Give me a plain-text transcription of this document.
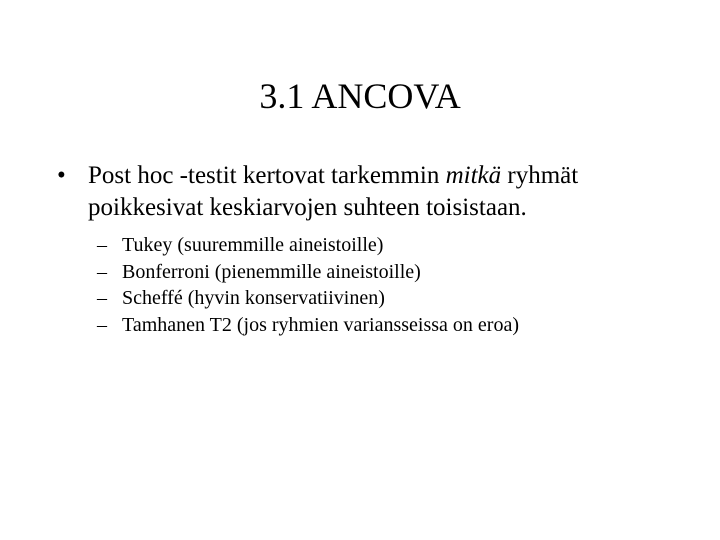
3.1 ANCOVA
• Post hoc -testit kertovat tarkemmin mitkä ryhmät poikkesivat keskiarvojen suhteen toisistaan.
– Tukey (suuremmille aineistoille)
– Bonferroni (pienemmille aineistoille)
– Scheffé (hyvin konservatiivinen)
– Tamhanen T2 (jos ryhmien variansseissa on eroa)
